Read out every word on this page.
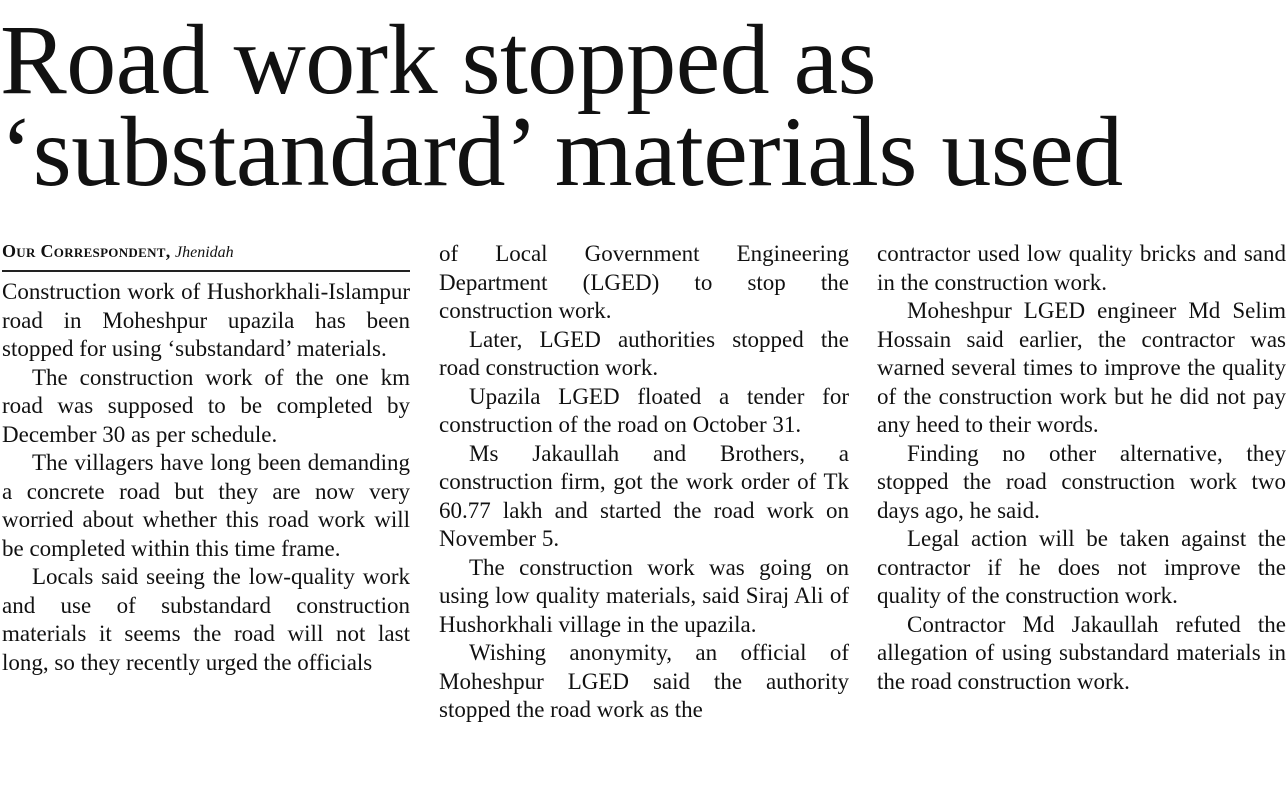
Road work stopped as
‘substandard’ materials used
Our Correspondent, Jhenidah

Construction work of Hushorkhali-Islampur road in Moheshpur upazila has been stopped for using ‘substandard’ materials.

The construction work of the one km road was supposed to be completed by December 30 as per schedule.

The villagers have long been demanding a concrete road but they are now very worried about whether this road work will be completed within this time frame.

Locals said seeing the low-quality work and use of substandard construction materials it seems the road will not last long, so they recently urged the officials

of Local Government Engineering Department (LGED) to stop the construction work.

Later, LGED authorities stopped the road construction work.

Upazila LGED floated a tender for construction of the road on October 31.

Ms Jakaullah and Brothers, a construction firm, got the work order of Tk 60.77 lakh and started the road work on November 5.

The construction work was going on using low quality materials, said Siraj Ali of Hushorkhali village in the upazila.

Wishing anonymity, an official of Moheshpur LGED said the authority stopped the road work as the

contractor used low quality bricks and sand in the construction work.

Moheshpur LGED engineer Md Selim Hossain said earlier, the contractor was warned several times to improve the quality of the construction work but he did not pay any heed to their words.

Finding no other alternative, they stopped the road construction work two days ago, he said.

Legal action will be taken against the contractor if he does not improve the quality of the construction work.

Contractor Md Jakaullah refuted the allegation of using substandard materials in the road construction work.
